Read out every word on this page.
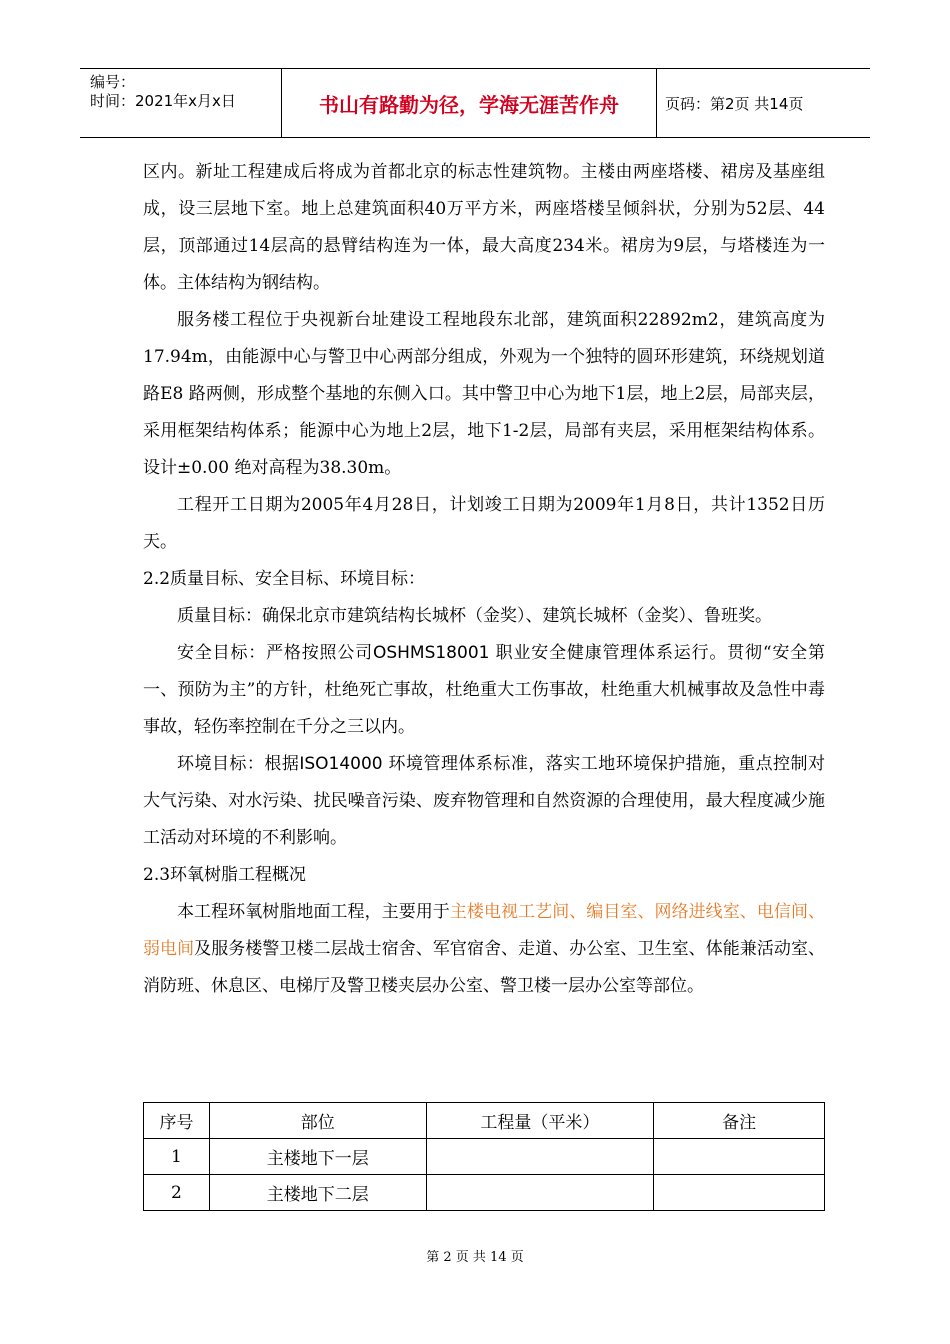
编号：
时间：2021年x月x日	书山有路勤为径，学海无涯苦作舟	页码：第2页 共14页

区内。新址工程建成后将成为首都北京的标志性建筑物。主楼由两座塔楼、裙房及基座组成，设三层地下室。地上总建筑面积40万平方米，两座塔楼呈倾斜状，分别为52层、44层，顶部通过14层高的悬臂结构连为一体，最大高度234米。裙房为9层，与塔楼连为一体。主体结构为钢结构。

服务楼工程位于央视新台址建设工程地段东北部，建筑面积22892m2，建筑高度为17.94m，由能源中心与警卫中心两部分组成，外观为一个独特的圆环形建筑，环绕规划道路E8 路两侧，形成整个基地的东侧入口。其中警卫中心为地下1层，地上2层，局部夹层，采用框架结构体系；能源中心为地上2层，地下1-2层，局部有夹层，采用框架结构体系。设计±0.00 绝对高程为38.30m。

工程开工日期为2005年4月28日，计划竣工日期为2009年1月8日，共计1352日历天。

2.2质量目标、安全目标、环境目标：

质量目标：确保北京市建筑结构长城杯（金奖）、建筑长城杯（金奖）、鲁班奖。

安全目标：严格按照公司OSHMS18001 职业安全健康管理体系运行。贯彻“安全第一、预防为主”的方针，杜绝死亡事故，杜绝重大工伤事故，杜绝重大机械事故及急性中毒事故，轻伤率控制在千分之三以内。

环境目标：根据ISO14000 环境管理体系标准，落实工地环境保护措施，重点控制对大气污染、对水污染、扰民噪音污染、废弃物管理和自然资源的合理使用，最大程度减少施工活动对环境的不利影响。

2.3环氧树脂工程概况

本工程环氧树脂地面工程，主要用于主楼电视工艺间、编目室、网络进线室、电信间、弱电间及服务楼警卫楼二层战士宿舍、军官宿舍、走道、办公室、卫生室、体能兼活动室、消防班、休息区、电梯厅及警卫楼夹层办公室、警卫楼一层办公室等部位。

序号	部位	工程量（平米）	备注
1	主楼地下一层		
2	主楼地下二层		
第 2 页 共 14 页
